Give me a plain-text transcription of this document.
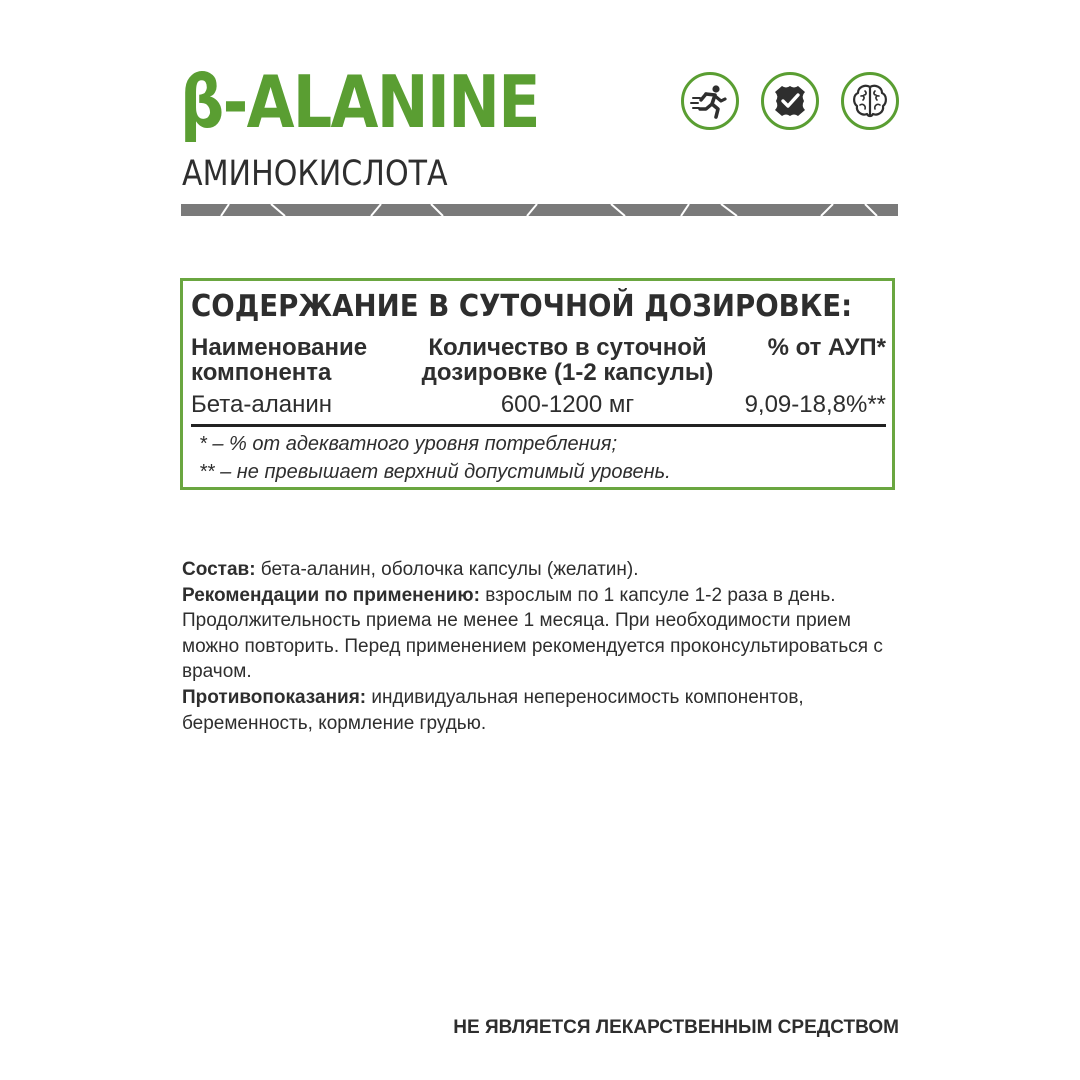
β-ALANINE
АМИНОКИСЛОТА
СОДЕРЖАНИЕ В СУТОЧНОЙ ДОЗИРОВКЕ:
Наименование
компонента
Количество в суточной
дозировке (1-2 капсулы)
% от АУП*
Бета-аланин	600-1200 мг	9,09-18,8%**
* – % от адекватного уровня потребления;
** – не превышает верхний допустимый уровень.

Состав: бета-аланин, оболочка капсулы (желатин).

Рекомендации по применению: взрослым по 1 капсуле 1-2 раза в день. Продолжительность приема не менее 1 месяца. При необходимости прием можно повторить. Перед применением рекомендуется проконсультироваться с врачом.

Противопоказания: индивидуальная непереносимость компонентов, беременность, кормление грудью.

НЕ ЯВЛЯЕТСЯ ЛЕКАРСТВЕННЫМ СРЕДСТВОМ
